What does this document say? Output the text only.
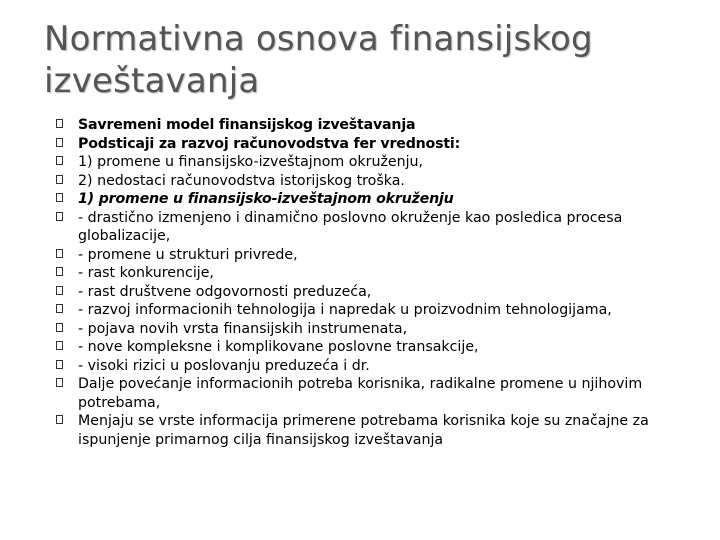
Normativna osnova finansijskog izveštavanja
Savremeni model finansijskog izveštavanja
Podsticaji za razvoj računovodstva fer vrednosti:
1) promene u finansijsko-izveštajnom okruženju,
2) nedostaci računovodstva istorijskog troška.
1) promene u finansijsko-izveštajnom okruženju
- drastično izmenjeno i dinamično poslovno okruženje kao posledica procesa globalizacije,
- promene u strukturi privrede,
- rast konkurencije,
- rast društvene odgovornosti preduzeća,
- razvoj informacionih tehnologija i napredak u proizvodnim tehnologijama,
- pojava novih vrsta finansijskih instrumenata,
- nove kompleksne i komplikovane poslovne transakcije,
- visoki rizici u poslovanju preduzeća i dr.
Dalje povećanje informacionih potreba korisnika, radikalne promene u njihovim potrebama,
Menjaju se vrste informacija primerene potrebama korisnika koje su značajne za ispunjenje primarnog cilja finansijskog izveštavanja
